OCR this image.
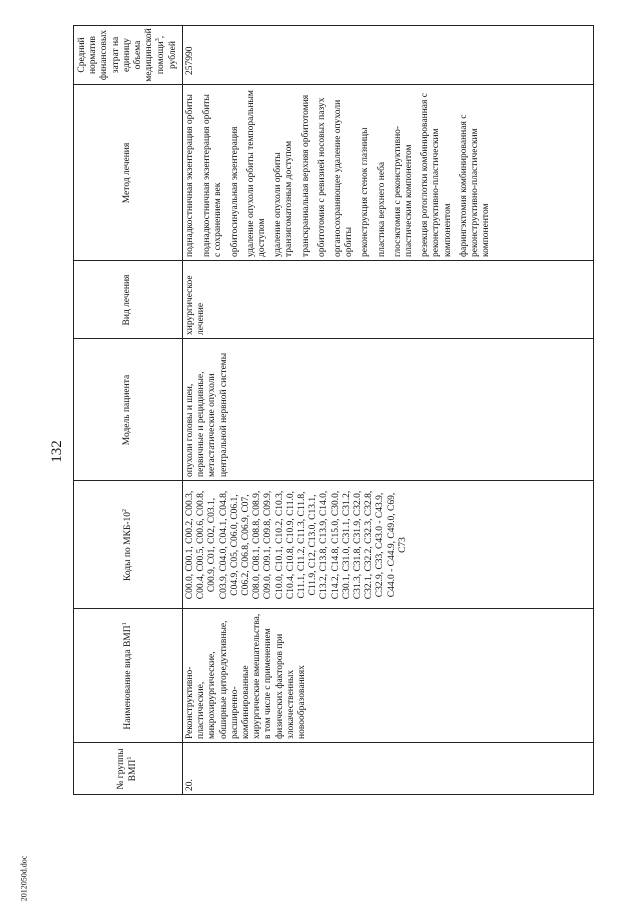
132
№ группы ВМП$^1$
Наименование вида ВМП$^1$
Коды по МКБ-$10^2$
Модель пациента
Вид лечения
Метод лечения
Средний норматив финансовых затрат на единицу объема медицинской помощи$^3$, рублей
20.
Реконструктивно-пластические, микрохирургические, обширные циторедуктивные, расширенно-комбинированные хирургические вмешательства, в том числе с применением физических факторов при злокачественных новообразованиях
C00.0, C00.1, C00.2, C00.3, C00.4, C00.5, C00.6, C00.8, C00.9, C01, C02, C03.1, C03.9, C04.0, C04.1, C04.8, C04.9, C05, C06.0, C06.1, C06.2, C06.8, C06.9, C07, C08.0, C08.1, C08.8, C08.9, C09.0, C09.1, C09.8, C09.9, C10.0, C10.1, C10.2, C10.3, C10.4, C10.8, C10.9, C11.0, C11.1, C11.2, C11.3, C11.8, C11.9, C12, C13.0, C13.1, C13.2, C13.8, C13.9, C14.0, C14.2, C14.8, C15.0, C30.0, C30.1, C31.0, C31.1, C31.2, C31.3, C31.8, C31.9, C32.0, C32.1, C32.2, C32.3, C32.8, C32.9, C33, C43.0 - C43.9, C44.0 - C44.9, C49.0, C69, C73
опухоли головы и шеи, первичные и рецидивные, метастатические опухоли центральной нервной системы
хирургическое лечение
поднадкостничная экзентерация орбиты поднадкостничная экзентерация орбиты с сохранением век орбитосинуальная экзентерация удаление опухоли орбиты темпоральным доступом удаление опухоли орбиты транзигоматозным доступом транскраниальная верхняя орбитотомия орбитотомия с ревизией носовых пазух органосохраняющее удаление опухоли орбиты реконструкция стенок глазницы пластика верхнего неба глосэктомия с реконструктивно-пластическим компонентом резекция ротоглотки комбинированная с реконструктивно-пластическим компонентом фарингэктомия комбинированная с реконструктивно-пластическим компонентом
257990
2012050d.doc
